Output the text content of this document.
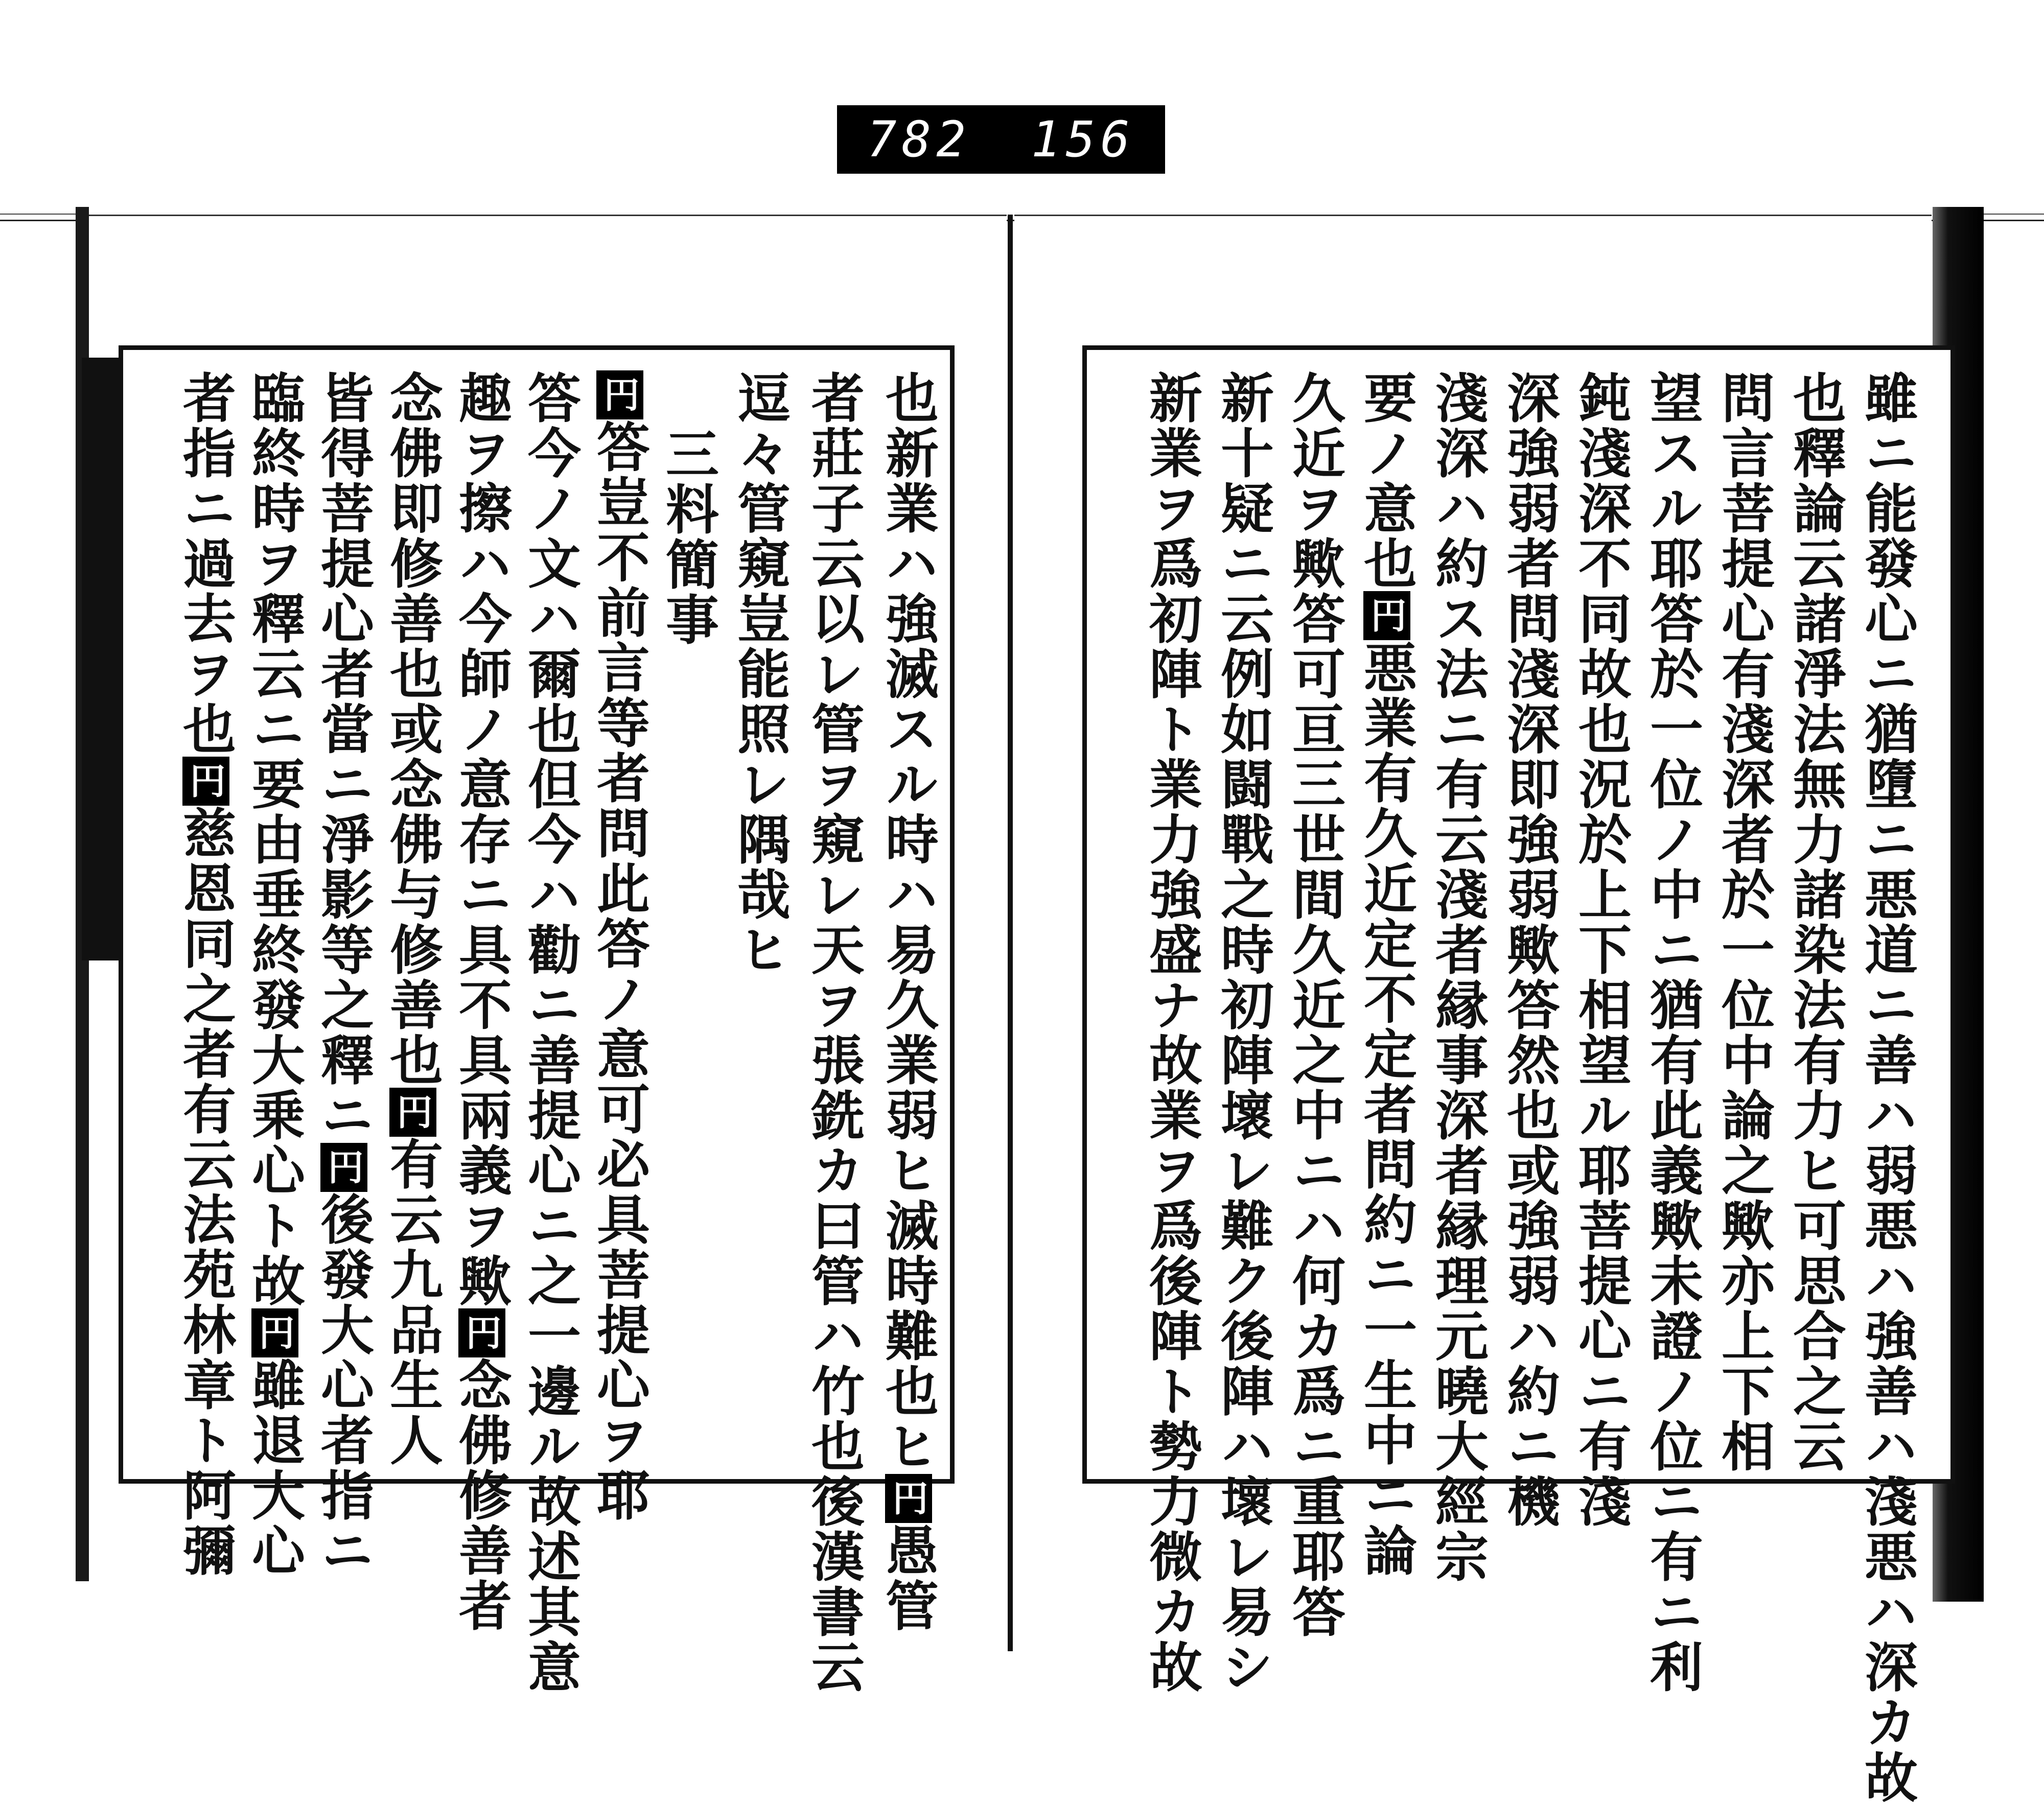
782 156
也新業ハ強滅スル時ハ易久業弱ヒ滅時難也ヒ円愚管
者莊子云以レ管ヲ窺レ天ヲ張銑カ曰管ハ竹也後漢書云
逗々管窺豈能照レ隅哉ヒ
三料簡事
円答豈不前言等者問此答ノ意可必具菩提心ヲ耶
答今ノ文ハ爾也但今ハ勸ニ善提心ニ之一邊ル故述其意
趣ヲ擦ハ今師ノ意存ニ具不具兩義ヲ歟円念佛修善者
念佛即修善也或念佛与修善也円有云九品生人
皆得菩提心者當ニ淨影等之釋ニ円後發大心者指ニ
臨終時ヲ釋云ニ要由垂終發大乗心ト故円雖退大心
者指ニ過去ヲ也円慈恩同之者有云法苑林章ト阿彌	雖ニ能發心ニ猶墮ニ悪道ニ善ハ弱悪ハ強善ハ淺悪ハ深カ故
也釋論云諸淨法無力諸染法有力ヒ可思合之云
問言菩提心有淺深者於一位中論之歟亦上下相
望スル耶答於一位ノ中ニ猶有此義歟未證ノ位ニ有ニ利
鈍淺深不同故也況於上下相望ル耶菩提心ニ有淺
深強弱者問淺深即強弱歟答然也或強弱ハ約ニ機
淺深ハ約ス法ニ有云淺者縁事深者縁理元曉大經宗
要ノ意也円悪業有久近定不定者問約ニ一生中ニ論
久近ヲ歟答可亘三世間久近之中ニハ何カ爲ニ重耶答
新十疑ニ云例如闘戰之時初陣壞レ難ク後陣ハ壞レ易シ
新業ヲ爲初陣ト業力強盛ナ故業ヲ爲後陣ト勢力微カ故
